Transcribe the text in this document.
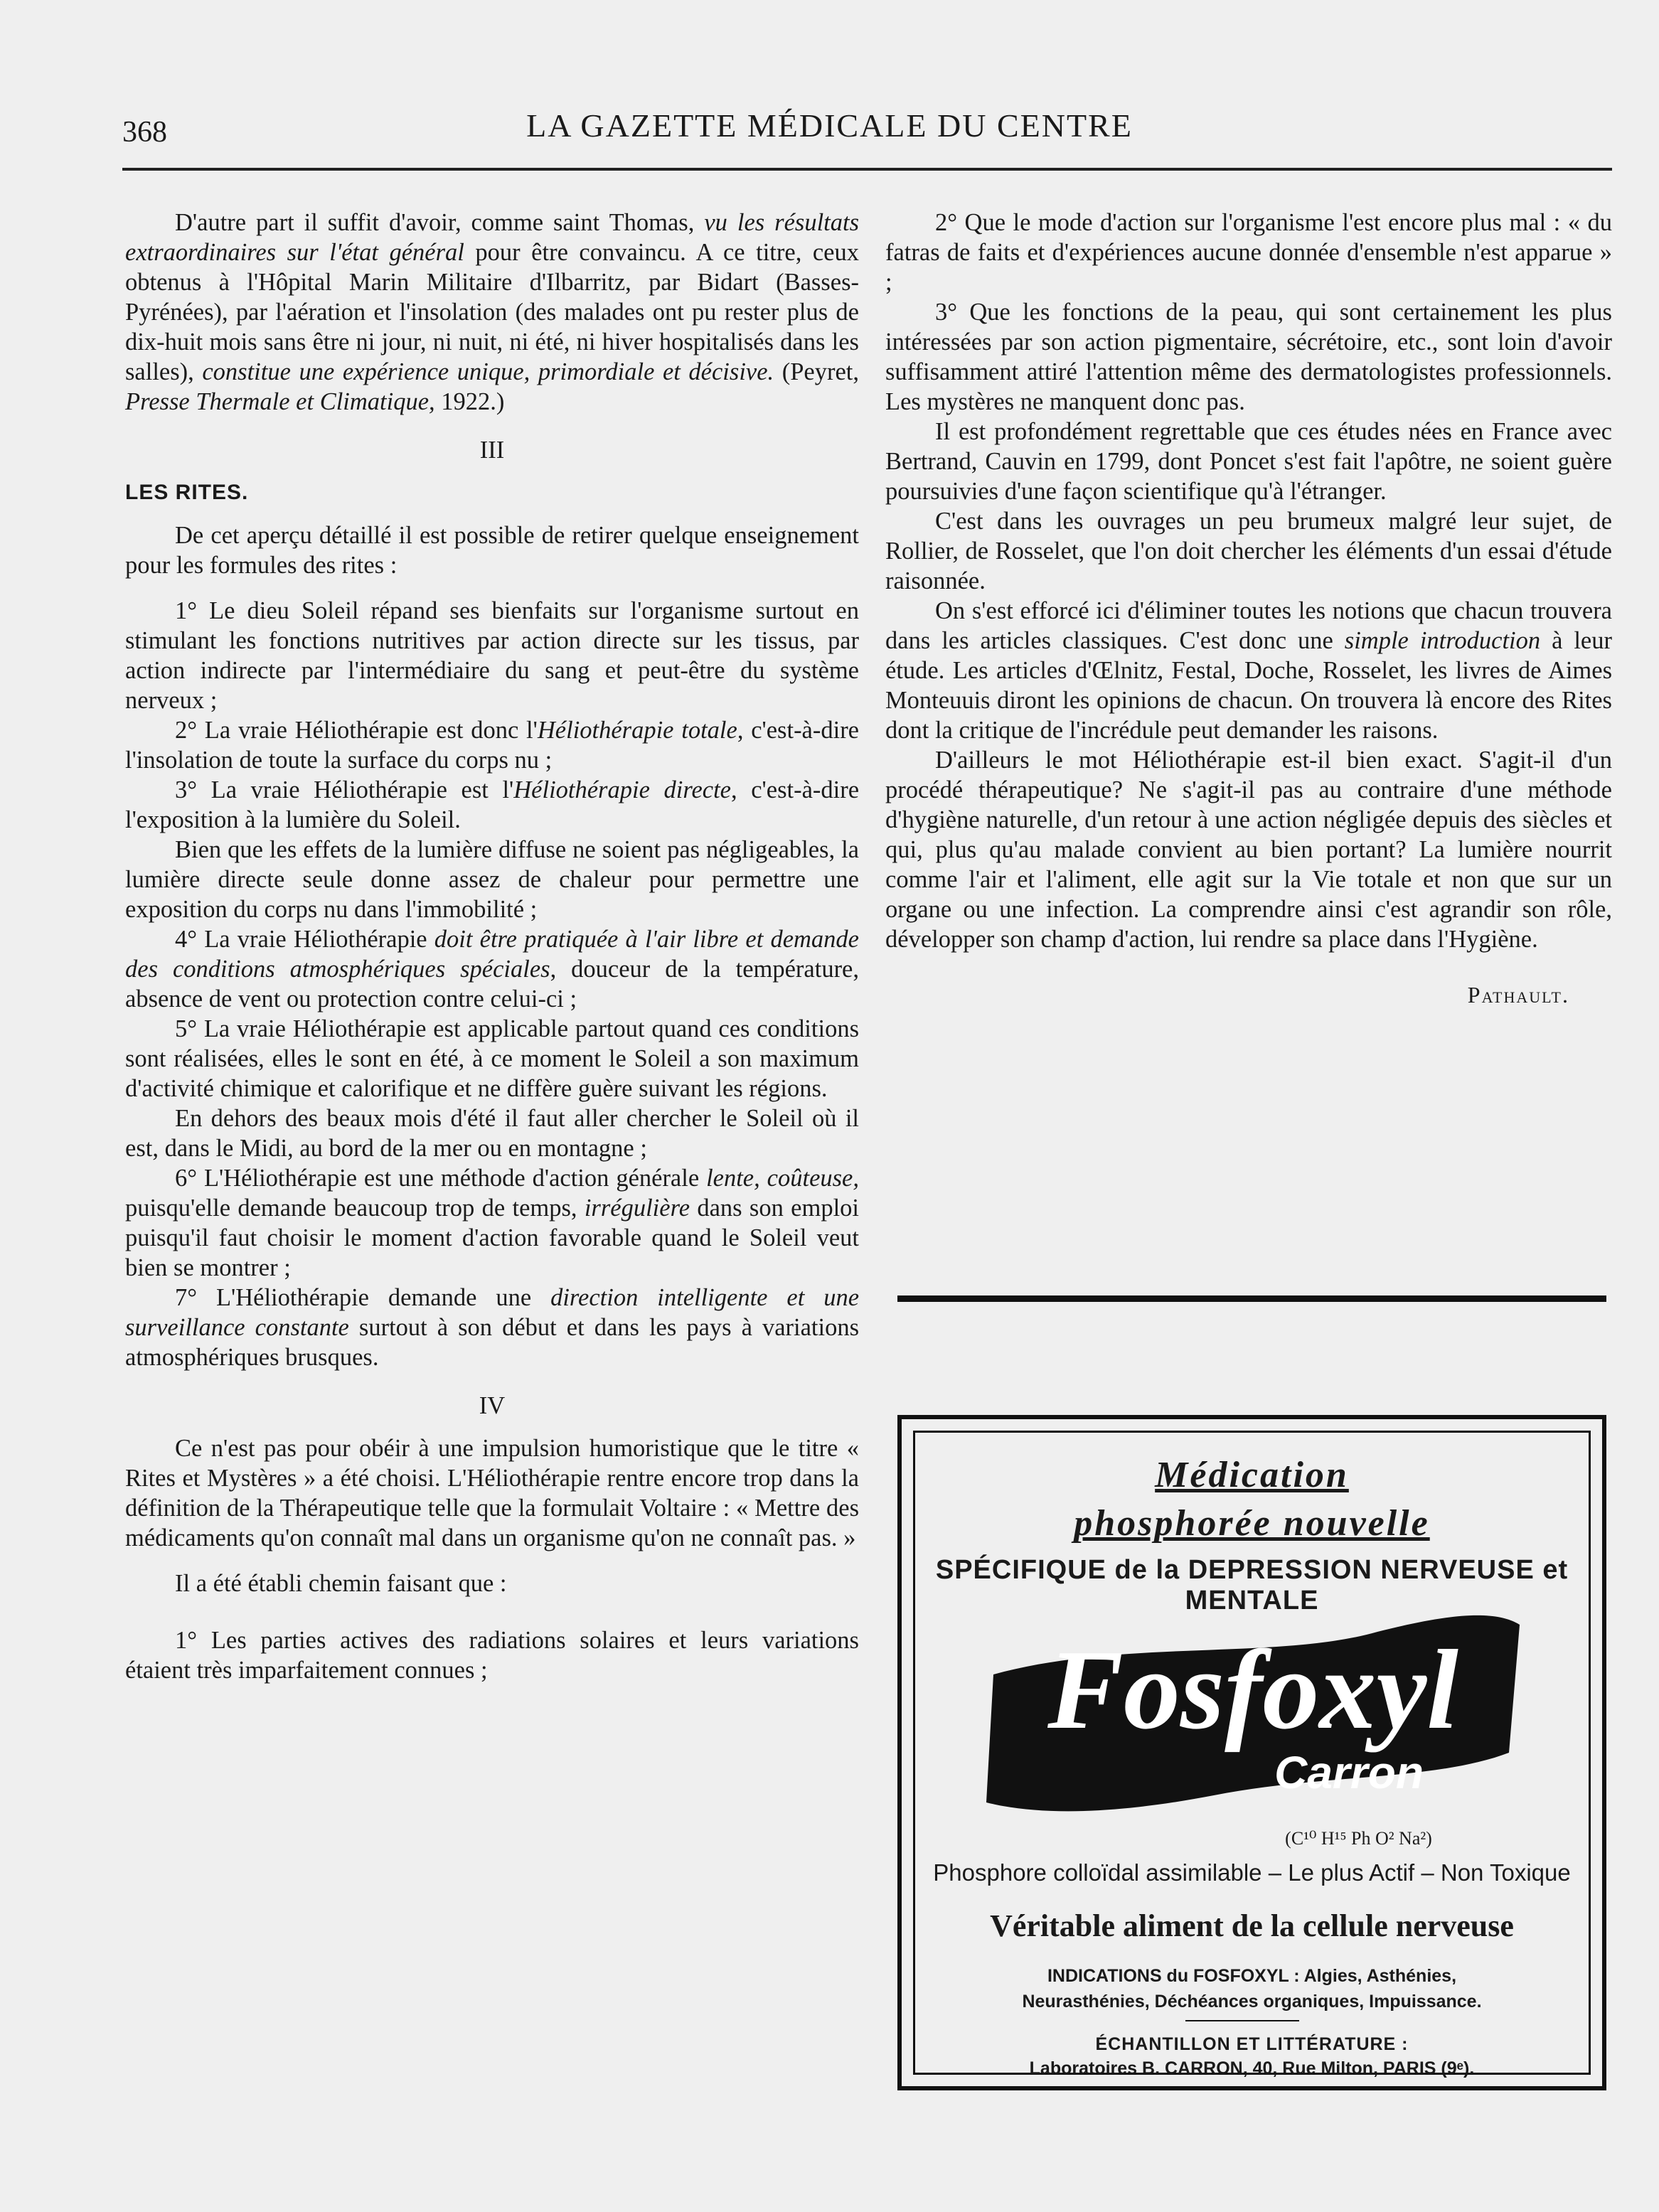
368	LA GAZETTE MÉDICALE DU CENTRE

D'autre part il suffit d'avoir, comme saint Thomas, vu les résultats extraordinaires sur l'état général pour être convaincu. A ce titre, ceux obtenus à l'Hôpital Marin Militaire d'Ilbarritz, par Bidart (Basses-Pyrénées), par l'aération et l'insolation (des malades ont pu rester plus de dix-huit mois sans être ni jour, ni nuit, ni été, ni hiver hospitalisés dans les salles), constitue une expérience unique, primordiale et décisive. (Peyret, Presse Thermale et Climatique, 1922.)

III

LES RITES.

De cet aperçu détaillé il est possible de retirer quelque enseignement pour les formules des rites :

1° Le dieu Soleil répand ses bienfaits sur l'organisme surtout en stimulant les fonctions nutritives par action directe sur les tissus, par action indirecte par l'intermédiaire du sang et peut-être du système nerveux ;

2° La vraie Héliothérapie est donc l'Héliothérapie totale, c'est-à-dire l'insolation de toute la surface du corps nu ;

3° La vraie Héliothérapie est l'Héliothérapie directe, c'est-à-dire l'exposition à la lumière du Soleil.

Bien que les effets de la lumière diffuse ne soient pas négligeables, la lumière directe seule donne assez de chaleur pour permettre une exposition du corps nu dans l'immobilité ;

4° La vraie Héliothérapie doit être pratiquée à l'air libre et demande des conditions atmosphériques spéciales, douceur de la température, absence de vent ou protection contre celui-ci ;

5° La vraie Héliothérapie est applicable partout quand ces conditions sont réalisées, elles le sont en été, à ce moment le Soleil a son maximum d'activité chimique et calorifique et ne diffère guère suivant les régions.

En dehors des beaux mois d'été il faut aller chercher le Soleil où il est, dans le Midi, au bord de la mer ou en montagne ;

6° L'Héliothérapie est une méthode d'action générale lente, coûteuse, puisqu'elle demande beaucoup trop de temps, irrégulière dans son emploi puisqu'il faut choisir le moment d'action favorable quand le Soleil veut bien se montrer ;

7° L'Héliothérapie demande une direction intelligente et une surveillance constante surtout à son début et dans les pays à variations atmosphériques brusques.

IV

Ce n'est pas pour obéir à une impulsion humoristique que le titre « Rites et Mystères » a été choisi. L'Héliothérapie rentre encore trop dans la définition de la Thérapeutique telle que la formulait Voltaire : « Mettre des médicaments qu'on connaît mal dans un organisme qu'on ne connaît pas. »

Il a été établi chemin faisant que :

1° Les parties actives des radiations solaires et leurs variations étaient très imparfaitement connues ;

2° Que le mode d'action sur l'organisme l'est encore plus mal : « du fatras de faits et d'expériences aucune donnée d'ensemble n'est apparue » ;

3° Que les fonctions de la peau, qui sont certainement les plus intéressées par son action pigmentaire, sécrétoire, etc., sont loin d'avoir suffisamment attiré l'attention même des dermatologistes professionnels. Les mystères ne manquent donc pas.

Il est profondément regrettable que ces études nées en France avec Bertrand, Cauvin en 1799, dont Poncet s'est fait l'apôtre, ne soient guère poursuivies d'une façon scientifique qu'à l'étranger.

C'est dans les ouvrages un peu brumeux malgré leur sujet, de Rollier, de Rosselet, que l'on doit chercher les éléments d'un essai d'étude raisonnée.

On s'est efforcé ici d'éliminer toutes les notions que chacun trouvera dans les articles classiques. C'est donc une simple introduction à leur étude. Les articles d'Œlnitz, Festal, Doche, Rosselet, les livres de Aimes Monteuuis diront les opinions de chacun. On trouvera là encore des Rites dont la critique de l'incrédule peut demander les raisons.

D'ailleurs le mot Héliothérapie est-il bien exact. S'agit-il d'un procédé thérapeutique? Ne s'agit-il pas au contraire d'une méthode d'hygiène naturelle, d'un retour à une action négligée depuis des siècles et qui, plus qu'au malade convient au bien portant? La lumière nourrit comme l'air et l'aliment, elle agit sur la Vie totale et non que sur un organe ou une infection. La comprendre ainsi c'est agrandir son rôle, développer son champ d'action, lui rendre sa place dans l'Hygiène.

Pathault.
Médication
phosphorée nouvelle
SPÉCIFIQUE de la DEPRESSION NERVEUSE et MENTALE
Fosfoxyl
Carron
(C¹⁰ H¹⁵ Ph O² Na²)
Phosphore colloïdal assimilable – Le plus Actif – Non Toxique
Véritable aliment de la cellule nerveuse
INDICATIONS du FOSFOXYL : Algies, Asthénies,
Neurasthénies, Déchéances organiques, Impuissance.
ÉCHANTILLON ET LITTÉRATURE :
Laboratoires B. CARRON, 40, Rue Milton, PARIS (9ᵉ).
